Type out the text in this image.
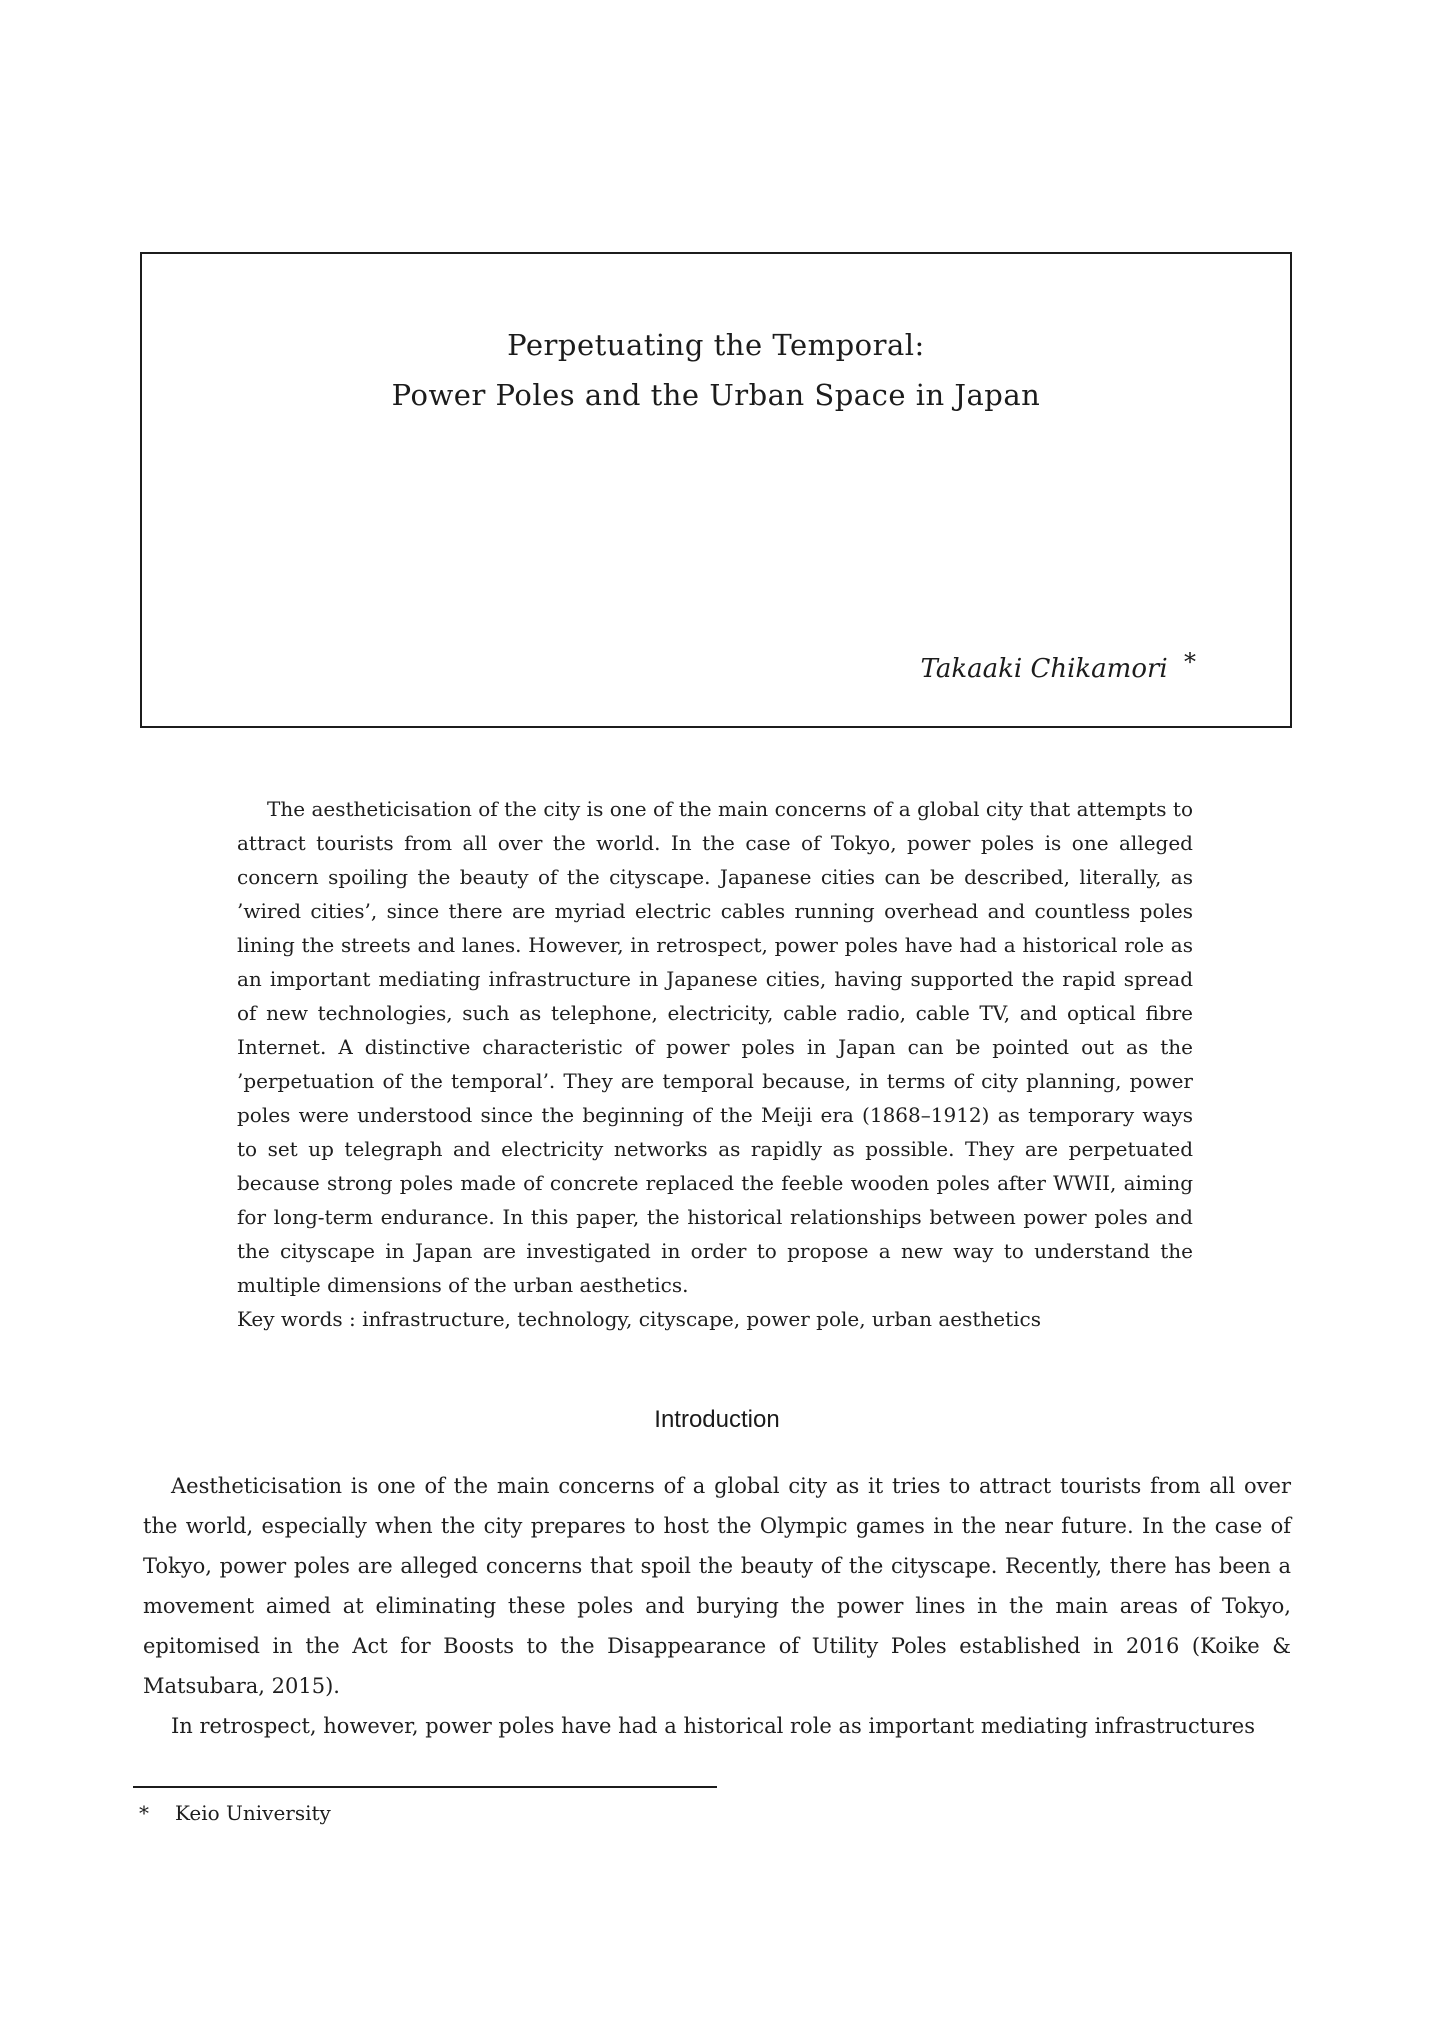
Perpetuating the Temporal:
Power Poles and the Urban Space in Japan
Takaaki Chikamori *

The aestheticisation of the city is one of the main concerns of a global city that attempts to attract tourists from all over the world. In the case of Tokyo, power poles is one alleged concern spoiling the beauty of the cityscape. Japanese cities can be described, literally, as ’wired cities’, since there are myriad electric cables running overhead and countless poles lining the streets and lanes. However, in retrospect, power poles have had a historical role as an important mediating infrastructure in Japanese cities, having supported the rapid spread of new technologies, such as telephone, electricity, cable radio, cable TV, and optical fibre Internet. A distinctive characteristic of power poles in Japan can be pointed out as the ’perpetuation of the temporal’. They are temporal because, in terms of city planning, power poles were understood since the beginning of the Meiji era (1868–1912) as temporary ways to set up telegraph and electricity networks as rapidly as possible. They are perpetuated because strong poles made of concrete replaced the feeble wooden poles after WWII, aiming for long-term endurance. In this paper, the historical relationships between power poles and the cityscape in Japan are investigated in order to propose a new way to understand the multiple dimensions of the urban aesthetics.

Key words : infrastructure, technology, cityscape, power pole, urban aesthetics

Introduction

Aestheticisation is one of the main concerns of a global city as it tries to attract tourists from all over the world, especially when the city prepares to host the Olympic games in the near future. In the case of Tokyo, power poles are alleged concerns that spoil the beauty of the cityscape. Recently, there has been a movement aimed at eliminating these poles and burying the power lines in the main areas of Tokyo, epitomised in the Act for Boosts to the Disappearance of Utility Poles established in 2016 (Koike & Matsubara, 2015).

In retrospect, however, power poles have had a historical role as important mediating infrastructures

* Keio University
